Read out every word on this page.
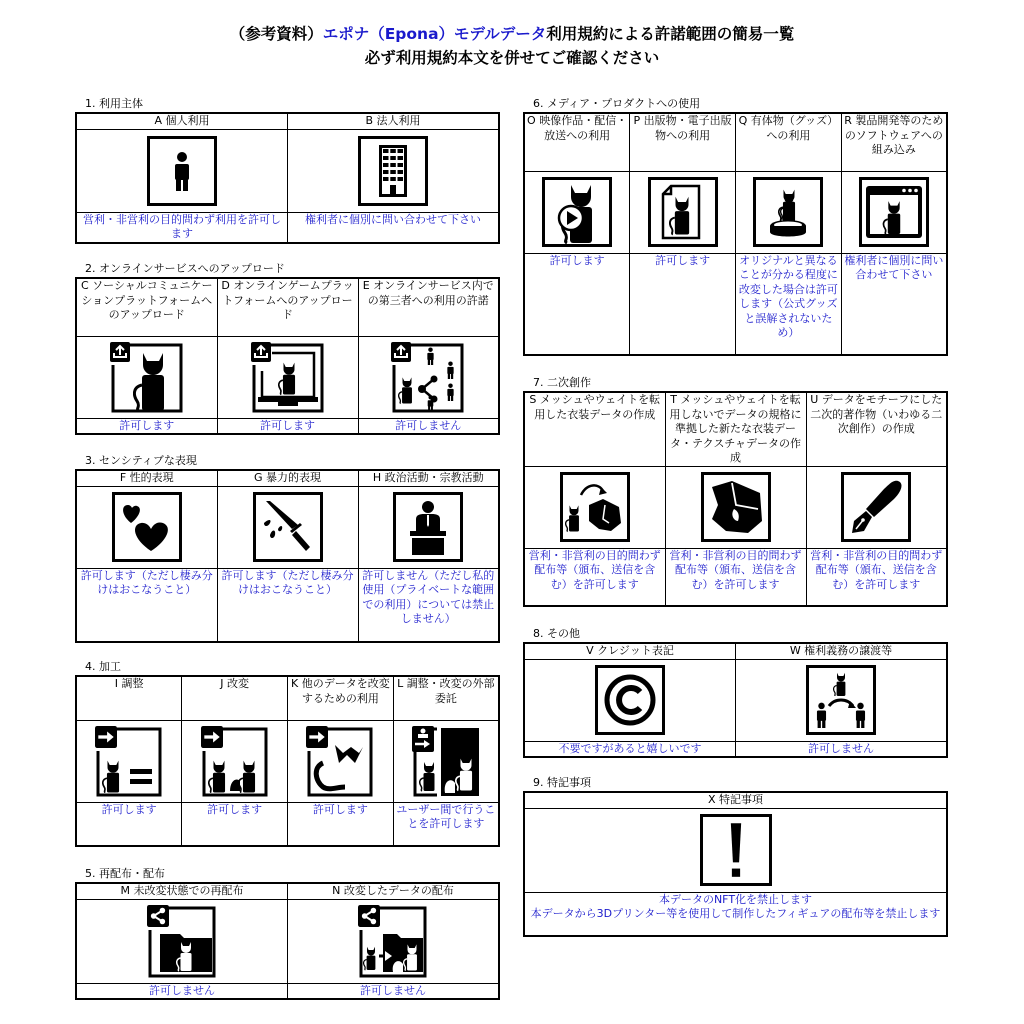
（参考資料）エポナ（Epona）モデルデータ利用規約による許諾範囲の簡易一覧
必ず利用規約本文を併せてご確認ください
1. 利用主体
A 個人利用	B 法人利用

営利・非営利の目的問わず利用を許可します	権利者に個別に問い合わせて下さい
2. オンラインサービスへのアップロード
C ソーシャルコミュニケーションプラットフォームへのアップロード	D オンラインゲームプラットフォームへのアップロード	E オンラインサービス内での第三者への利用の許諾

許可します	許可します	許可しません
3. センシティブな表現
F 性的表現	G 暴力的表現	H 政治活動・宗教活動

許可します（ただし棲み分けはおこなうこと）	許可します（ただし棲み分けはおこなうこと）	許可しません（ただし私的使用（プライベートな範囲での利用）については禁止しません）
4. 加工
I 調整	J 改変	K 他のデータを改変するための利用	L 調整・改変の外部委託

許可します	許可します	許可します	ユーザー間で行うことを許可します
5. 再配布・配布
M 未改変状態での再配布	N 改変したデータの配布

許可しません	許可しません
6. メディア・プロダクトへの使用
O 映像作品・配信・放送への利用	P 出版物・電子出版物への利用	Q 有体物（グッズ）への利用	R 製品開発等のためのソフトウェアへの組み込み

許可します	許可します	オリジナルと異なることが分かる程度に改変した場合は許可します（公式グッズと誤解されないため）	権利者に個別に問い合わせて下さい
7. 二次創作
S メッシュやウェイトを転用した衣装データの作成	T メッシュやウェイトを転用しないでデータの規格に準拠した新たな衣装データ・テクスチャデータの作成	U データをモチーフにした二次的著作物（いわゆる二次創作）の作成

営利・非営利の目的問わず配布等（頒布、送信を含む）を許可します	営利・非営利の目的問わず配布等（頒布、送信を含む）を許可します	営利・非営利の目的問わず配布等（頒布、送信を含む）を許可します
8. その他
V クレジット表記	W 権利義務の譲渡等

不要ですがあると嬉しいです	許可しません
9. 特記事項
X 特記事項

本データのNFT化を禁止します
本データから3Dプリンター等を使用して制作したフィギュアの配布等を禁止します
